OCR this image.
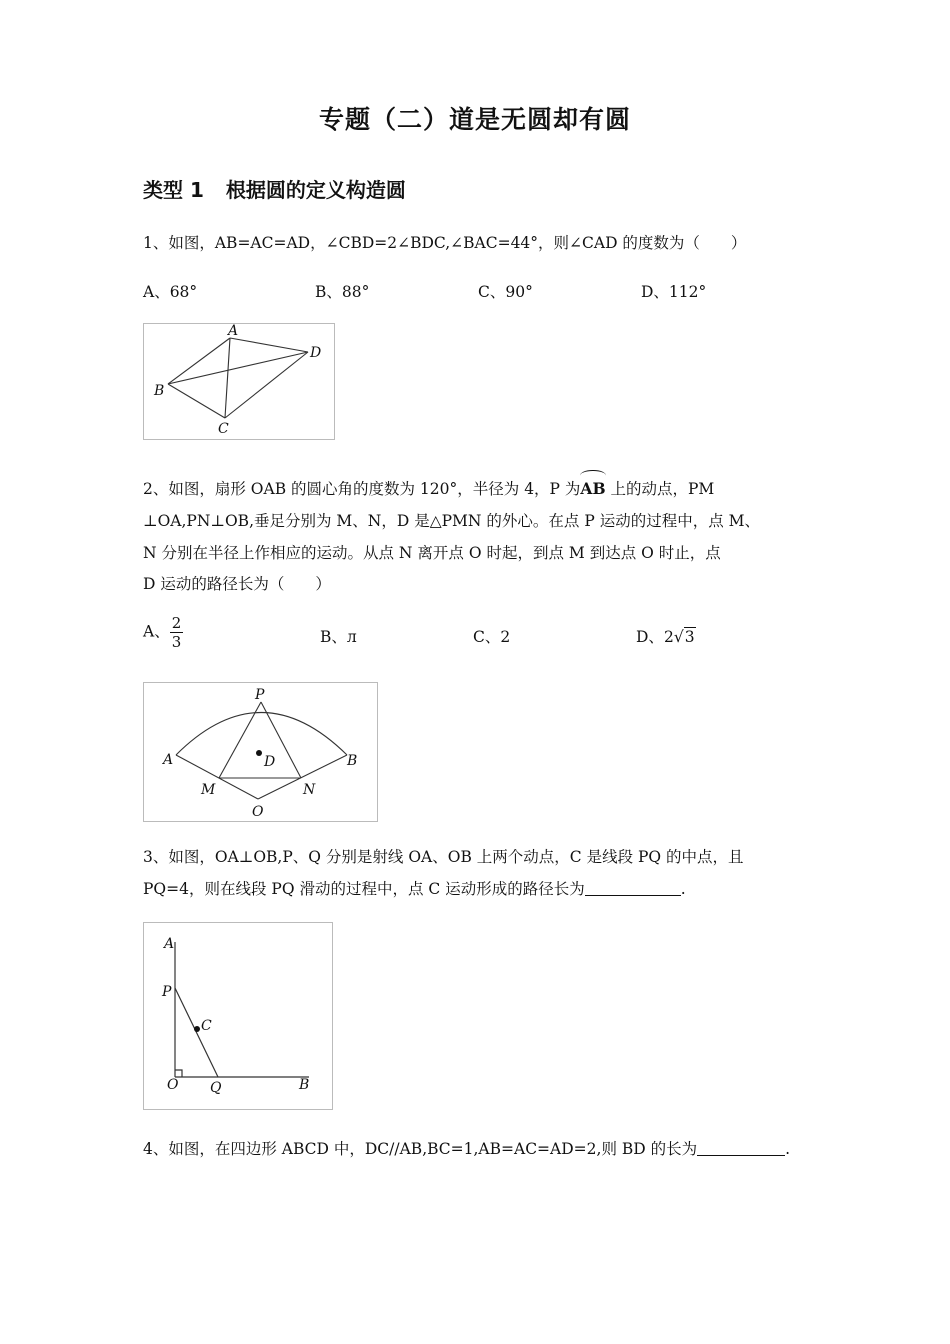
专题（二）道是无圆却有圆
类型 1 根据圆的定义构造圆
1、如图，AB=AC=AD，∠CBD=2∠BDC,∠BAC=44°，则∠CAD 的度数为（　　）
A、68°	B、88°	C、90°	D、112°
A
B
C
D
2、如图，扇形 OAB 的圆心角的度数为 120°，半径为 4，P 为AB 上的动点，PM
⊥OA,PN⊥OB,垂足分别为 M、N，D 是△PMN 的外心。在点 P 运动的过程中，点 M、
N 分别在半径上作相应的运动。从点 N 离开点 O 时起，到点 M 到达点 O 时止，点
D 运动的路径长为（　　）
A、 $\frac{2}{3}$	B、л	C、2	D、2√3
P
A	B
D
M	N
O
3、如图，OA⊥OB,P、Q 分别是射线 OA、OB 上两个动点，C 是线段 PQ 的中点，且
PQ=4，则在线段 PQ 滑动的过程中，点 C 运动形成的路径长为	.
A
P
C
O Q	B
4、如图，在四边形 ABCD 中，DC//AB,BC=1,AB=AC=AD=2,则 BD 的长为	.
